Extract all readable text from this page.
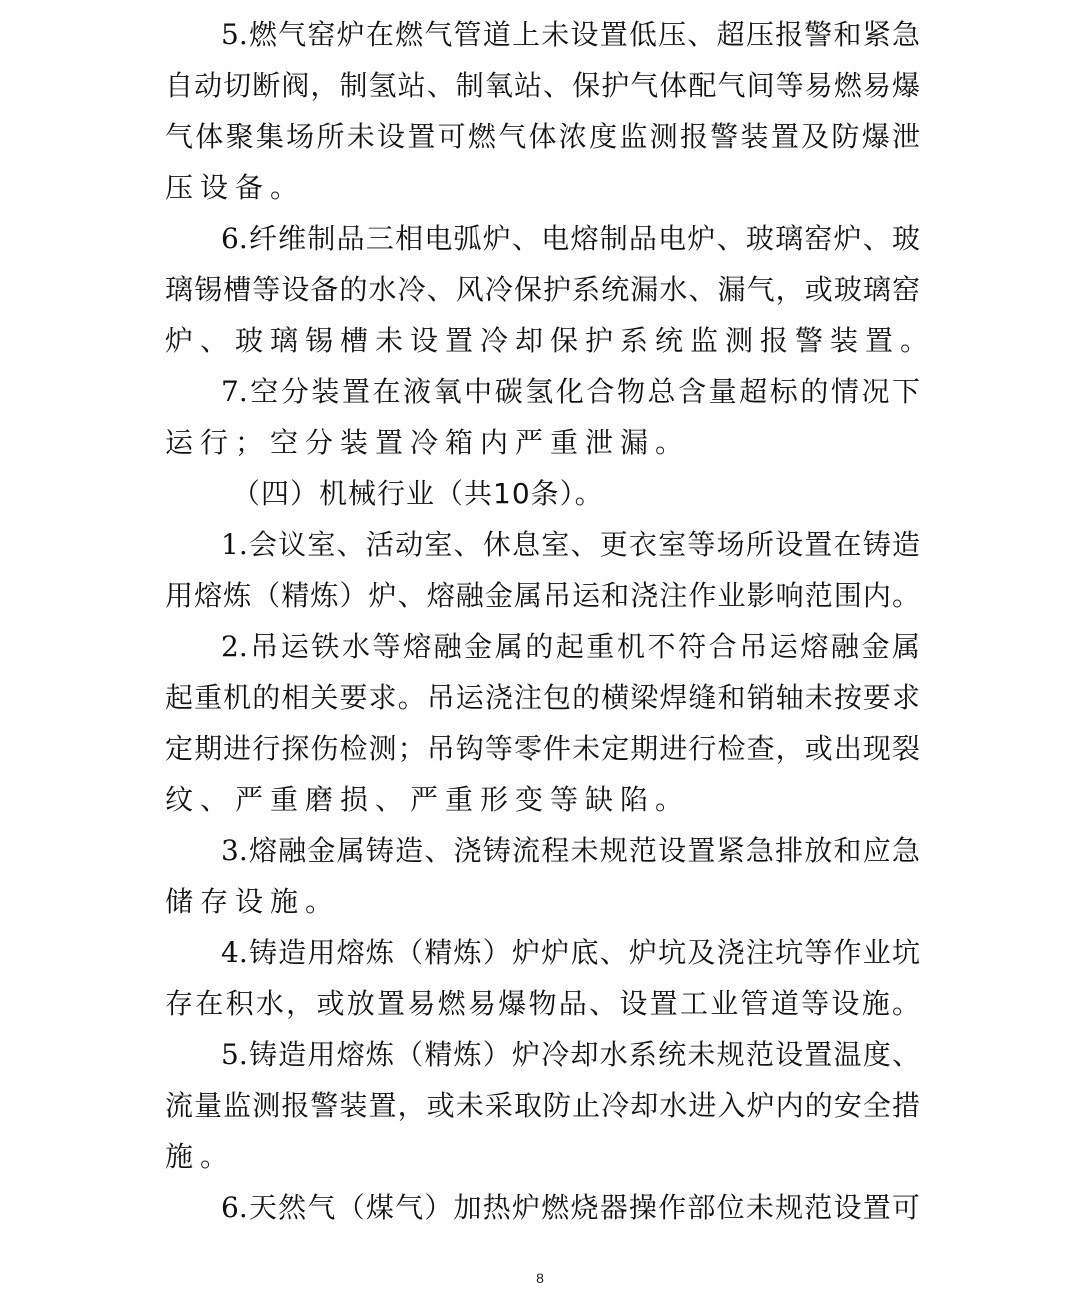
5.燃气窑炉在燃气管道上未设置低压、超压报警和紧急
自动切断阀，制氢站、制氧站、保护气体配气间等易燃易爆
气体聚集场所未设置可燃气体浓度监测报警装置及防爆泄
压设备。
6.纤维制品三相电弧炉、电熔制品电炉、玻璃窑炉、玻
璃锡槽等设备的水冷、风冷保护系统漏水、漏气，或玻璃窑
炉、玻璃锡槽未设置冷却保护系统监测报警装置。
7.空分装置在液氧中碳氢化合物总含量超标的情况下
运行；空分装置冷箱内严重泄漏。
（四）机械行业（共10条）。
1.会议室、活动室、休息室、更衣室等场所设置在铸造
用熔炼（精炼）炉、熔融金属吊运和浇注作业影响范围内。
2.吊运铁水等熔融金属的起重机不符合吊运熔融金属
起重机的相关要求。吊运浇注包的横梁焊缝和销轴未按要求
定期进行探伤检测；吊钩等零件未定期进行检查，或出现裂
纹、严重磨损、严重形变等缺陷。
3.熔融金属铸造、浇铸流程未规范设置紧急排放和应急
储存设施。
4.铸造用熔炼（精炼）炉炉底、炉坑及浇注坑等作业坑
存在积水，或放置易燃易爆物品、设置工业管道等设施。
5.铸造用熔炼（精炼）炉冷却水系统未规范设置温度、
流量监测报警装置，或未采取防止冷却水进入炉内的安全措
施。
6.天然气（煤气）加热炉燃烧器操作部位未规范设置可
8
